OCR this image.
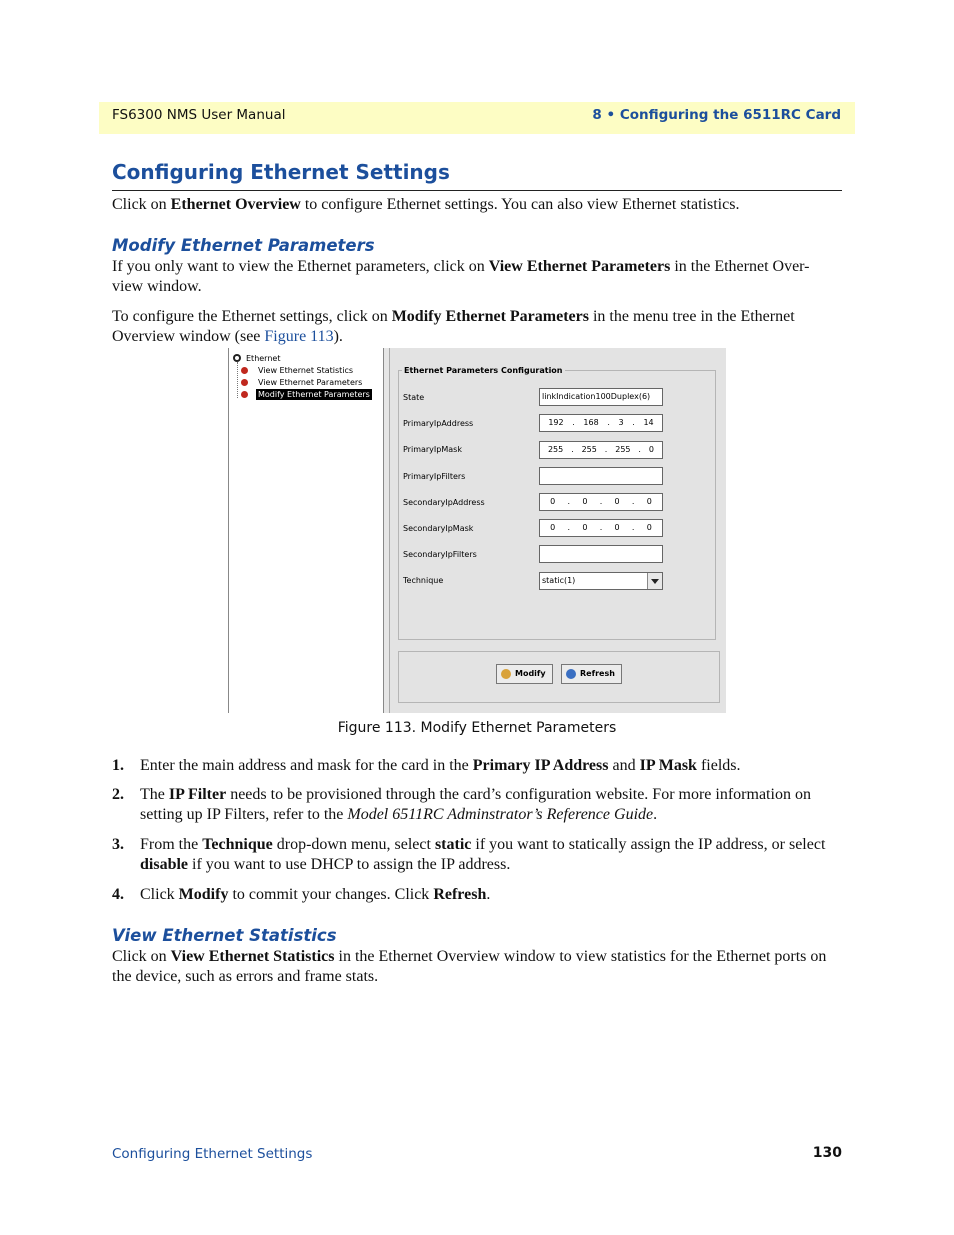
FS6300 NMS User Manual	8 • Configuring the 6511RC Card
Configuring Ethernet Settings

Click on Ethernet Overview to configure Ethernet settings. You can also view Ethernet statistics.

Modify Ethernet Parameters

If you only want to view the Ethernet parameters, click on View Ethernet Parameters in the Ethernet Over-
view window.

To configure the Ethernet settings, click on Modify Ethernet Parameters in the menu tree in the Ethernet
Overview window (see Figure 113).

Ethernet
View Ethernet Statistics
View Ethernet Parameters
Modify Ethernet Parameters
Ethernet Parameters Configuration
State	linkIndication100Duplex(6)
PrimaryIpAddress	192 . 168 . 3 . 14
PrimaryIpMask	255 . 255 . 255 . 0
PrimaryIpFilters
SecondaryIpAddress	0 . 0 . 0 . 0
SecondaryIpMask	0 . 0 . 0 . 0
SecondaryIpFilters
Technique	static(1)
Modify	Refresh
Figure 113. Modify Ethernet Parameters
1. Enter the main address and mask for the card in the Primary IP Address and IP Mask fields.
2. The IP Filter needs to be provisioned through the card’s configuration website. For more information on
setting up IP Filters, refer to the Model 6511RC Adminstrator’s Reference Guide.
3. From the Technique drop-down menu, select static if you want to statically assign the IP address, or select
disable if you want to use DHCP to assign the IP address.
4. Click Modify to commit your changes. Click Refresh.
View Ethernet Statistics

Click on View Ethernet Statistics in the Ethernet Overview window to view statistics for the Ethernet ports on
the device, such as errors and frame stats.

Configuring Ethernet Settings	130
